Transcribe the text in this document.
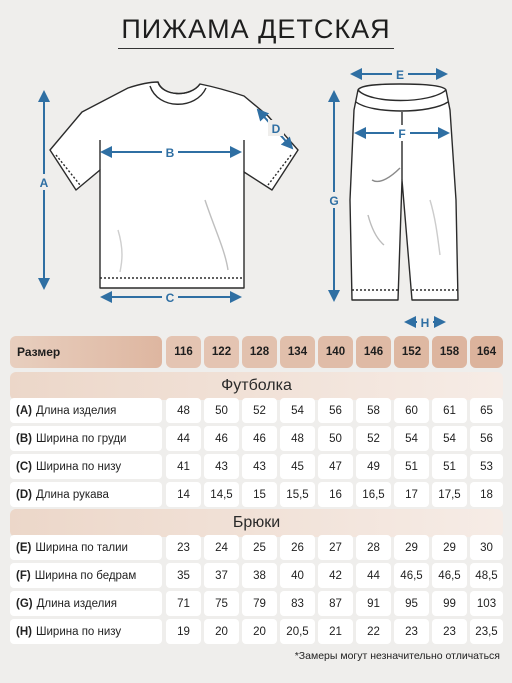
ПИЖАМА ДЕТСКАЯ
A
B
C
D
E
F
G
H
Размер	116	122	128	134	140	146	152	158	164
Футболка
(A) Длина изделия	48	50	52	54	56	58	60	61	65
(B) Ширина по груди	44	46	46	48	50	52	54	54	56
(C) Ширина по низу	41	43	43	45	47	49	51	51	53
(D) Длина рукава	14	14,5	15	15,5	16	16,5	17	17,5	18
Брюки
(E) Ширина по талии	23	24	25	26	27	28	29	29	30
(F) Ширина по бедрам	35	37	38	40	42	44	46,5	46,5	48,5
(G) Длина изделия	71	75	79	83	87	91	95	99	103
(H) Ширина по низу	19	20	20	20,5	21	22	23	23	23,5
*Замеры могут незначительно отличаться
